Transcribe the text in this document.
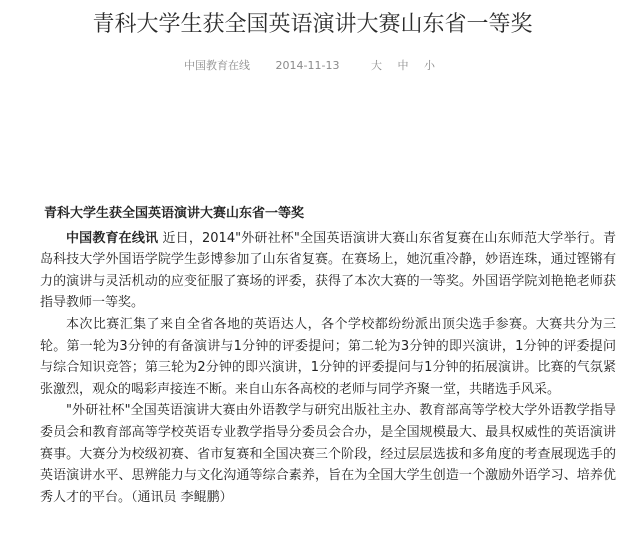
青科大学生获全国英语演讲大赛山东省一等奖
中国教育在线 2014-11-13	大 中 小

青科大学生获全国英语演讲大赛山东省一等奖

中国教育在线讯 近日，2014"外研社杯"全国英语演讲大赛山东省复赛在山东师范大学举行。青岛科技大学外国语学院学生彭博参加了山东省复赛。在赛场上，她沉重冷静，妙语连珠，通过铿锵有力的演讲与灵活机动的应变征服了赛场的评委，获得了本次大赛的一等奖。外国语学院刘艳艳老师获指导教师一等奖。

本次比赛汇集了来自全省各地的英语达人，各个学校都纷纷派出顶尖选手参赛。大赛共分为三轮。第一轮为3分钟的有备演讲与1分钟的评委提问；第二轮为3分钟的即兴演讲，1分钟的评委提问与综合知识竞答；第三轮为2分钟的即兴演讲，1分钟的评委提问与1分钟的拓展演讲。比赛的气氛紧张激烈，观众的喝彩声接连不断。来自山东各高校的老师与同学齐聚一堂，共睹选手风采。

"外研社杯"全国英语演讲大赛由外语教学与研究出版社主办、教育部高等学校大学外语教学指导委员会和教育部高等学校英语专业教学指导分委员会合办，是全国规模最大、最具权威性的英语演讲赛事。大赛分为校级初赛、省市复赛和全国决赛三个阶段，经过层层选拔和多角度的考查展现选手的英语演讲水平、思辨能力与文化沟通等综合素养，旨在为全国大学生创造一个激励外语学习、培养优秀人才的平台。（通讯员 李鲲鹏）
